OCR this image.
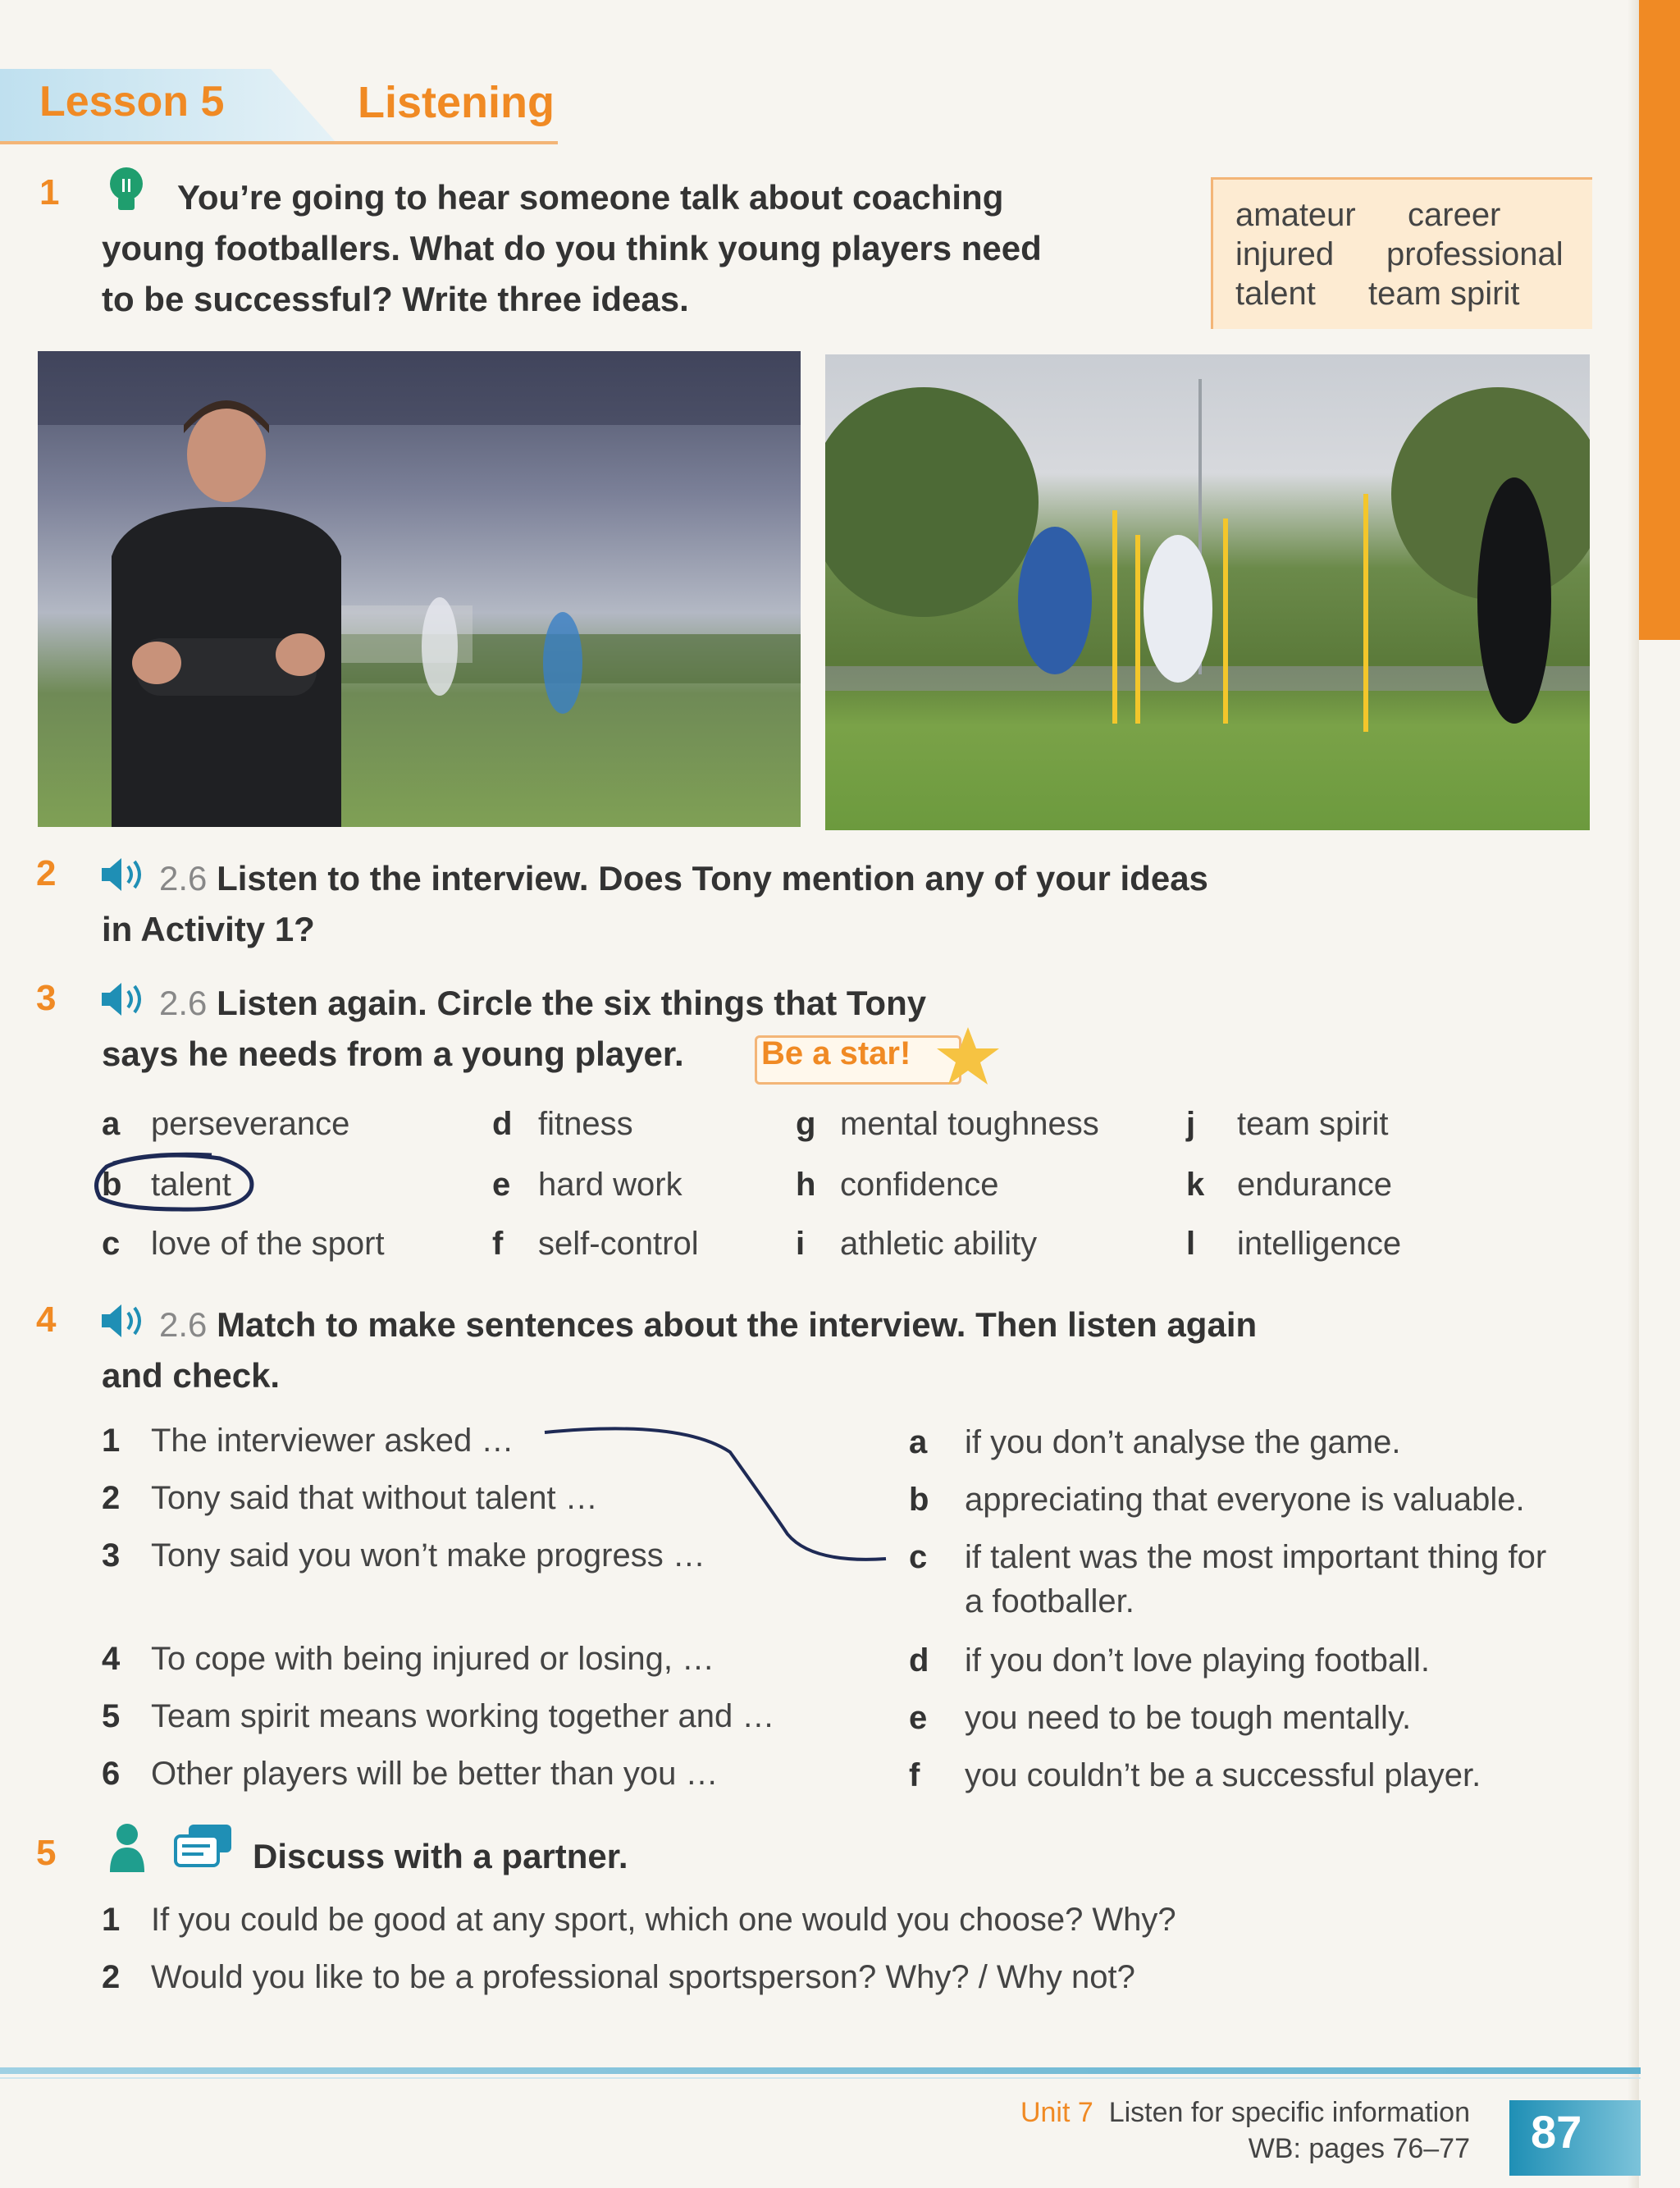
Lesson 5	Listening
1	You’re going to hear someone talk about coaching
young footballers. What do you think young players need
to be successful? Write three ideas.
amateur career
injured professional
talent team spirit
2	2.6 Listen to the interview. Does Tony mention any of your ideas
in Activity 1?
3	2.6 Listen again. Circle the six things that Tony
says he needs from a young player. Be a star!
a perseverance
b talent
c love of the sport
d fitness
e hard work
f self-control
g mental toughness
h confidence
i athletic ability
j team spirit
k endurance
l intelligence
4	2.6 Match to make sentences about the interview. Then listen again
and check.
1 The interviewer asked …
2 Tony said that without talent …
3 Tony said you won’t make progress …
4 To cope with being injured or losing, …
5 Team spirit means working together and …
6 Other players will be better than you …
a if you don’t analyse the game.
b appreciating that everyone is valuable.
c if talent was the most important thing for
a footballer.
d if you don’t love playing football.
e you need to be tough mentally.
f you couldn’t be a successful player.
5	Discuss with a partner.
1 If you could be good at any sport, which one would you choose? Why?
2 Would you like to be a professional sportsperson? Why? / Why not?
Unit 7 Listen for specific information
WB: pages 76–77 87
